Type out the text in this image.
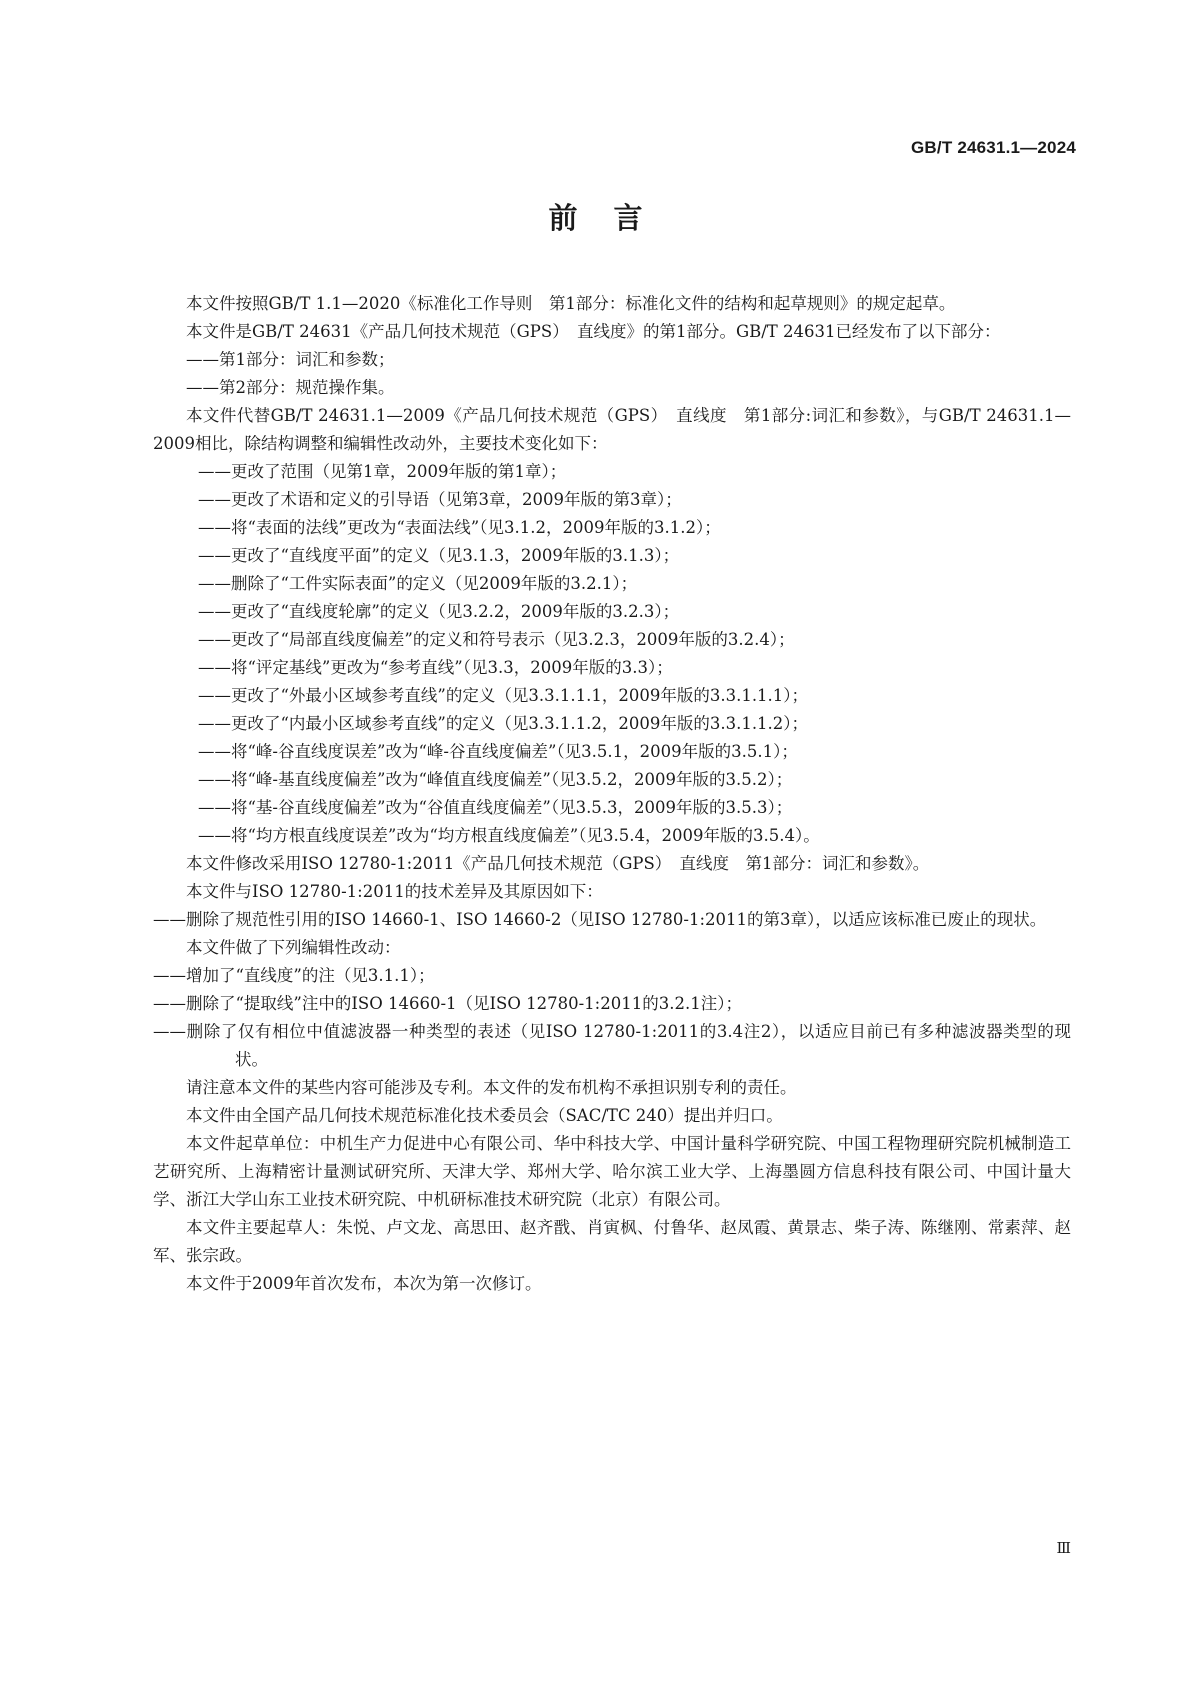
GB/T 24631.1—2024
前言

本文件按照GB/T 1.1—2020《标准化工作导则　第1部分：标准化文件的结构和起草规则》的规定起草。

本文件是GB/T 24631《产品几何技术规范（GPS）　直线度》的第1部分。GB/T 24631已经发布了以下部分：

——第1部分：词汇和参数；

——第2部分：规范操作集。

本文件代替GB/T 24631.1—2009《产品几何技术规范（GPS）　直线度　第1部分:词汇和参数》，与GB/T 24631.1—2009相比，除结构调整和编辑性改动外，主要技术变化如下：

——更改了范围（见第1章，2009年版的第1章）；

——更改了术语和定义的引导语（见第3章，2009年版的第3章）；

——将“表面的法线”更改为“表面法线”（见3.1.2，2009年版的3.1.2）；

——更改了“直线度平面”的定义（见3.1.3，2009年版的3.1.3）；

——删除了“工件实际表面”的定义（见2009年版的3.2.1）；

——更改了“直线度轮廓”的定义（见3.2.2，2009年版的3.2.3）；

——更改了“局部直线度偏差”的定义和符号表示（见3.2.3，2009年版的3.2.4）；

——将“评定基线”更改为“参考直线”（见3.3，2009年版的3.3）；

——更改了“外最小区域参考直线”的定义（见3.3.1.1.1，2009年版的3.3.1.1.1）；

——更改了“内最小区域参考直线”的定义（见3.3.1.1.2，2009年版的3.3.1.1.2）；

——将“峰-谷直线度误差”改为“峰-谷直线度偏差”（见3.5.1，2009年版的3.5.1）；

——将“峰-基直线度偏差”改为“峰值直线度偏差”（见3.5.2，2009年版的3.5.2）；

——将“基-谷直线度偏差”改为“谷值直线度偏差”（见3.5.3，2009年版的3.5.3）；

——将“均方根直线度误差”改为“均方根直线度偏差”（见3.5.4，2009年版的3.5.4）。

本文件修改采用ISO 12780-1:2011《产品几何技术规范（GPS）　直线度　第1部分：词汇和参数》。

本文件与ISO 12780-1:2011的技术差异及其原因如下：

——删除了规范性引用的ISO 14660-1、ISO 14660-2（见ISO 12780-1:2011的第3章），以适应该标准已废止的现状。

本文件做了下列编辑性改动：

——增加了“直线度”的注（见3.1.1）；

——删除了“提取线”注中的ISO 14660-1（见ISO 12780-1:2011的3.2.1注）；

——删除了仅有相位中值滤波器一种类型的表述（见ISO 12780-1:2011的3.4注2），以适应目前已有多种滤波器类型的现状。

请注意本文件的某些内容可能涉及专利。本文件的发布机构不承担识别专利的责任。

本文件由全国产品几何技术规范标准化技术委员会（SAC/TC 240）提出并归口。

本文件起草单位：中机生产力促进中心有限公司、华中科技大学、中国计量科学研究院、中国工程物理研究院机械制造工艺研究所、上海精密计量测试研究所、天津大学、郑州大学、哈尔滨工业大学、上海墨圆方信息科技有限公司、中国计量大学、浙江大学山东工业技术研究院、中机研标准技术研究院（北京）有限公司。

本文件主要起草人：朱悦、卢文龙、高思田、赵齐戬、肖寅枫、付鲁华、赵凤霞、黄景志、柴子涛、陈继刚、常素萍、赵军、张宗政。

本文件于2009年首次发布，本次为第一次修订。

Ⅲ
